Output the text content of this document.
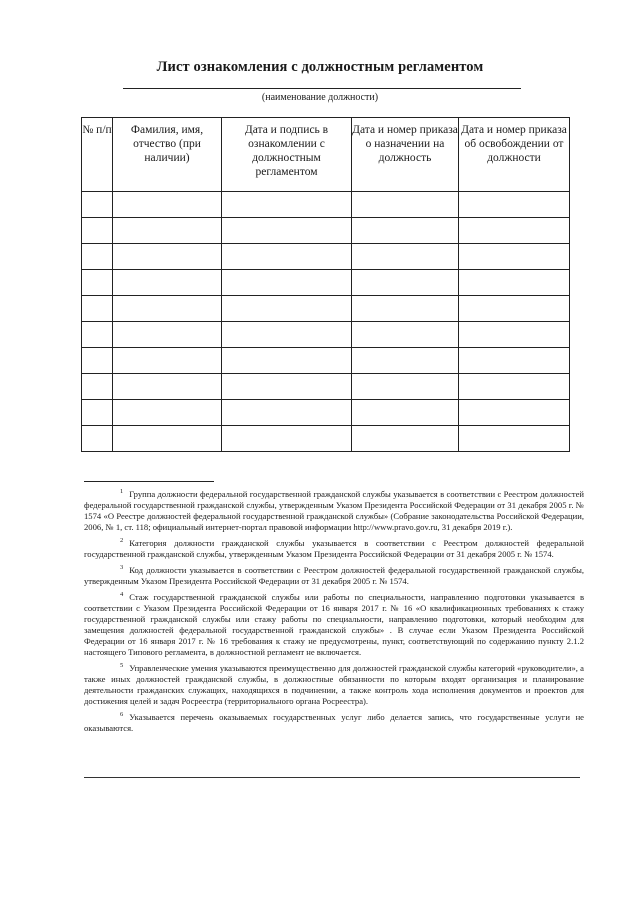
Лист ознакомления с должностным регламентом
(наименование должности)
№ п/п	Фамилия, имя, отчество (при наличии)	Дата и подпись в ознакомлении с должностным регламентом	Дата и номер приказа о назначении на должность	Дата и номер приказа об освобождении от должности

$^1$ Группа должности федеральной государственной гражданской службы указывается в соответствии с Реестром должностей федеральной государственной гражданской службы, утвержденным Указом Президента Российской Федерации от 31 декабря 2005 г. № 1574 «О Реестре должностей федеральной государственной гражданской службы» (Собрание законодательства Российской Федерации, 2006, № 1, ст. 118; официальный интернет-портал правовой информации http://www.pravo.gov.ru, 31 декабря 2019 г.).

$^2$ Категория должности гражданской службы указывается в соответствии с Реестром должностей федеральной государственной гражданской службы, утвержденным Указом Президента Российской Федерации от 31 декабря 2005 г. № 1574.

$^3$ Код должности указывается в соответствии с Реестром должностей федеральной государственной гражданской службы, утвержденным Указом Президента Российской Федерации от 31 декабря 2005 г. № 1574.

$^4$ Стаж государственной гражданской службы или работы по специальности, направлению подготовки указывается в соответствии с Указом Президента Российской Федерации от 16 января 2017 г. № 16 «О квалификационных требованиях к стажу государственной гражданской службы или стажу работы по специальности, направлению подготовки, который необходим для замещения должностей федеральной государственной гражданской службы» . В случае если Указом Президента Российской Федерации от 16 января 2017 г. № 16 требования к стажу не предусмотрены, пункт, соответствующий по содержанию пункту 2.1.2 настоящего Типового регламента, в должностной регламент не включается.

$^5$ Управленческие умения указываются преимущественно для должностей гражданской службы категорий «руководители», а также иных должностей гражданской службы, в должностные обязанности по которым входят организация и планирование деятельности гражданских служащих, находящихся в подчинении, а также контроль хода исполнения документов и проектов для достижения целей и задач Росреестра (территориального органа Росреестра).

$^6$ Указывается перечень оказываемых государственных услуг либо делается запись, что государственные услуги не оказываются.
